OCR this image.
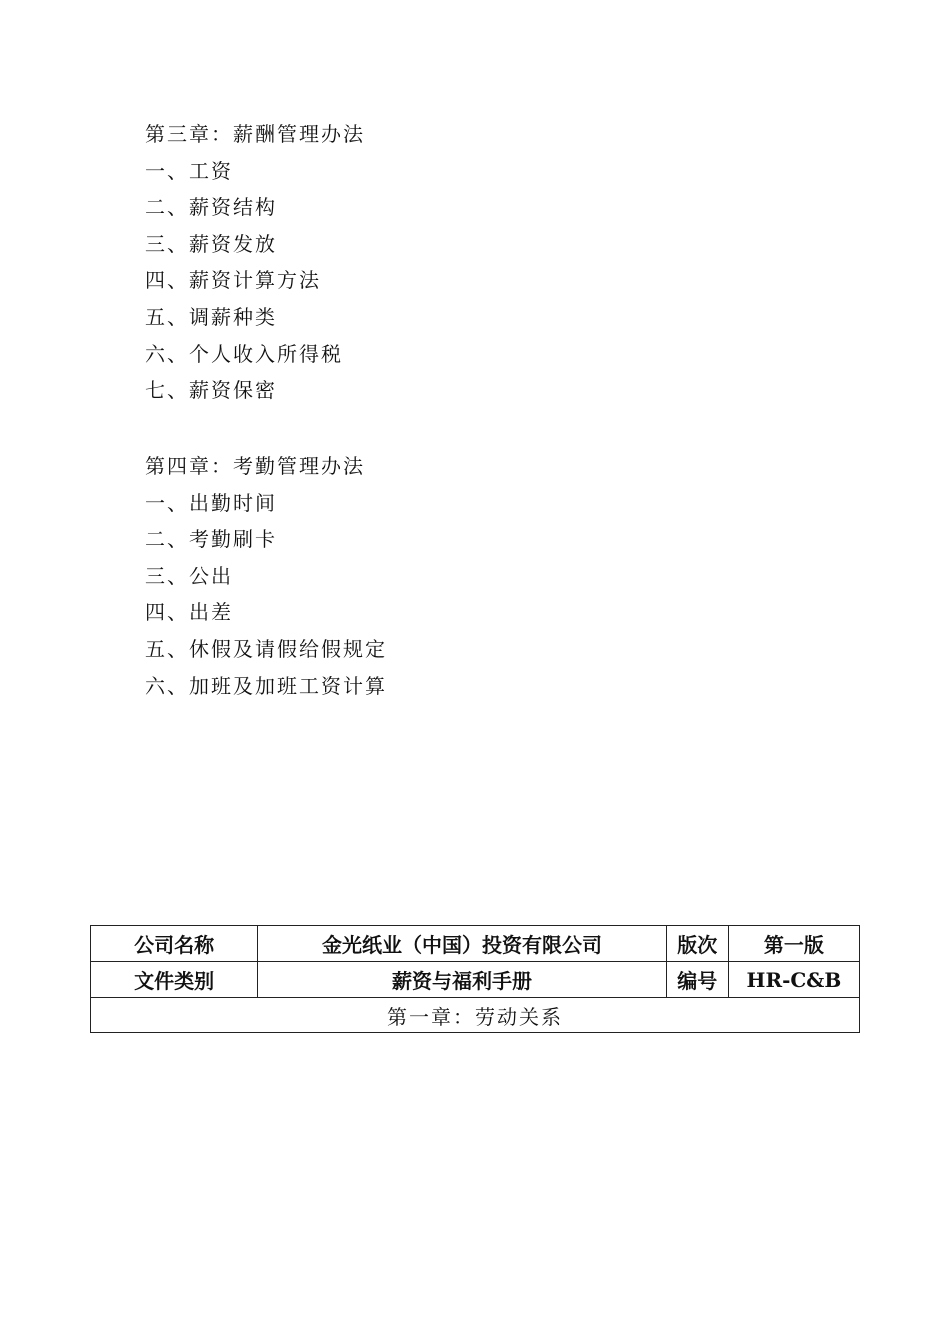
第三章：薪酬管理办法
一、工资
二、薪资结构
三、薪资发放
四、薪资计算方法
五、调薪种类
六、个人收入所得税
七、薪资保密
第四章：考勤管理办法
一、出勤时间
二、考勤刷卡
三、公出
四、出差
五、休假及请假给假规定
六、加班及加班工资计算
公司名称	金光纸业（中国）投资有限公司	版次	第一版
文件类别	薪资与福利手册	编号	HR-C&B
第一章：劳动关系			
